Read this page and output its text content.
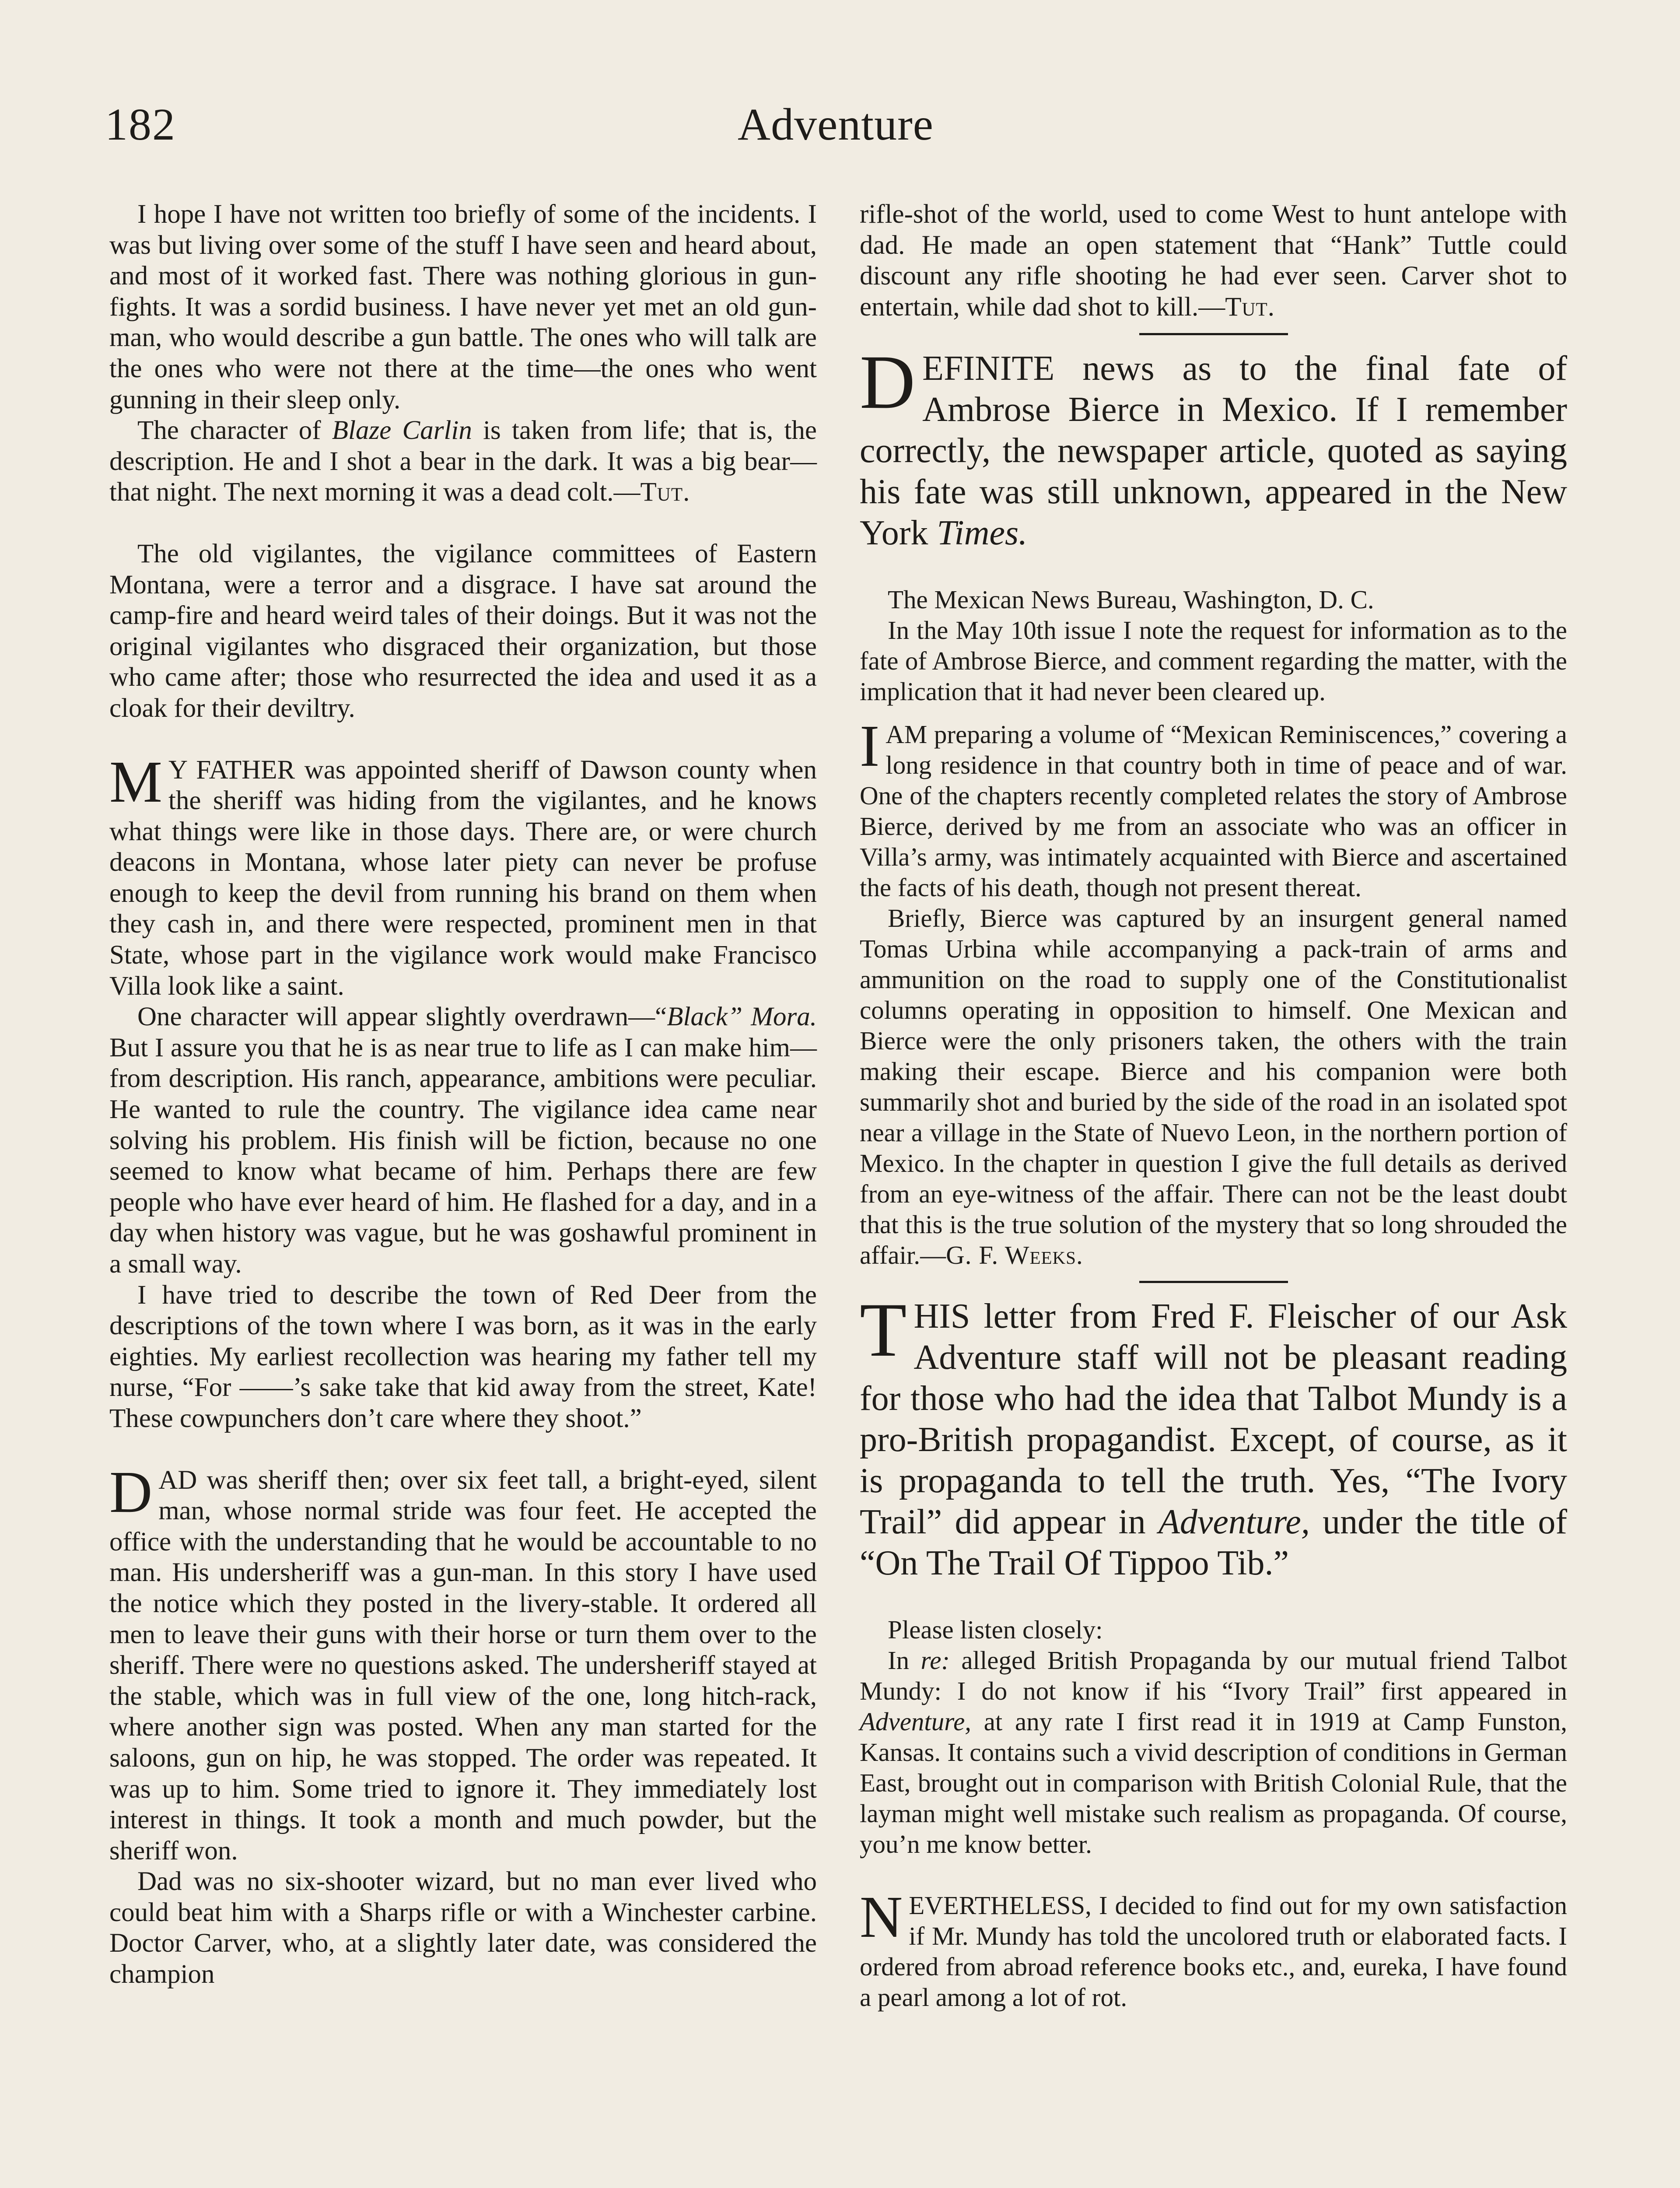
182	Adventure

I hope I have not written too briefly of some of the incidents. I was but living over some of the stuff I have seen and heard about, and most of it worked fast. There was nothing glorious in gun-fights. It was a sordid business. I have never yet met an old gun-man, who would describe a gun battle. The ones who will talk are the ones who were not there at the time—the ones who went gunning in their sleep only.

The character of Blaze Carlin is taken from life; that is, the description. He and I shot a bear in the dark. It was a big bear—that night. The next morning it was a dead colt.—Tut.

The old vigilantes, the vigilance committees of Eastern Montana, were a terror and a disgrace. I have sat around the camp-fire and heard weird tales of their doings. But it was not the original vigilantes who disgraced their organization, but those who came after; those who resurrected the idea and used it as a cloak for their deviltry.

M Y FATHER was appointed sheriff of Dawson county when the sheriff was hiding from the vigilantes, and he knows what things were like in those days. There are, or were church deacons in Montana, whose later piety can never be profuse enough to keep the devil from running his brand on them when they cash in, and there were respected, prominent men in that State, whose part in the vigilance work would make Francisco Villa look like a saint.

One character will appear slightly overdrawn—“Black” Mora. But I assure you that he is as near true to life as I can make him—from description. His ranch, appearance, ambitions were peculiar. He wanted to rule the country. The vigilance idea came near solving his problem. His finish will be fiction, because no one seemed to know what became of him. Perhaps there are few people who have ever heard of him. He flashed for a day, and in a day when history was vague, but he was goshawful prominent in a small way.

I have tried to describe the town of Red Deer from the descriptions of the town where I was born, as it was in the early eighties. My earliest recollection was hearing my father tell my nurse, “For ——’s sake take that kid away from the street, Kate! These cowpunchers don’t care where they shoot.”

DAD was sheriff then; over six feet tall, a bright-eyed, silent man, whose normal stride was four feet. He accepted the office with the understanding that he would be accountable to no man. His undersheriff was a gun-man. In this story I have used the notice which they posted in the livery-stable. It ordered all men to leave their guns with their horse or turn them over to the sheriff. There were no questions asked. The undersheriff stayed at the stable, which was in full view of the one, long hitch-rack, where another sign was posted. When any man started for the saloons, gun on hip, he was stopped. The order was repeated. It was up to him. Some tried to ignore it. They immediately lost interest in things. It took a month and much powder, but the sheriff won.

Dad was no six-shooter wizard, but no man ever lived who could beat him with a Sharps rifle or with a Winchester carbine. Doctor Carver, who, at a slightly later date, was considered the champion

rifle-shot of the world, used to come West to hunt antelope with dad. He made an open statement that “Hank” Tuttle could discount any rifle shooting he had ever seen. Carver shot to entertain, while dad shot to kill.—Tut.

DEFINITE news as to the final fate of Ambrose Bierce in Mexico. If I remember correctly, the newspaper article, quoted as saying his fate was still unknown, appeared in the New York Times.

The Mexican News Bureau, Washington, D. C.

In the May 10th issue I note the request for information as to the fate of Ambrose Bierce, and comment regarding the matter, with the implication that it had never been cleared up.

I AM preparing a volume of “Mexican Reminiscences,” covering a long residence in that country both in time of peace and of war. One of the chapters recently completed relates the story of Ambrose Bierce, derived by me from an associate who was an officer in Villa’s army, was intimately acquainted with Bierce and ascertained the facts of his death, though not present thereat.

Briefly, Bierce was captured by an insurgent general named Tomas Urbina while accompanying a pack-train of arms and ammunition on the road to supply one of the Constitutionalist columns operating in opposition to himself. One Mexican and Bierce were the only prisoners taken, the others with the train making their escape. Bierce and his companion were both summarily shot and buried by the side of the road in an isolated spot near a village in the State of Nuevo Leon, in the northern portion of Mexico. In the chapter in question I give the full details as derived from an eye-witness of the affair. There can not be the least doubt that this is the true solution of the mystery that so long shrouded the affair.—G. F. Weeks.

THIS letter from Fred F. Fleischer of our Ask Adventure staff will not be pleasant reading for those who had the idea that Talbot Mundy is a pro-British propagandist. Except, of course, as it is propaganda to tell the truth. Yes, “The Ivory Trail” did appear in Adventure, under the title of “On The Trail Of Tippoo Tib.”

Please listen closely:

In re: alleged British Propaganda by our mutual friend Talbot Mundy: I do not know if his “Ivory Trail” first appeared in Adventure, at any rate I first read it in 1919 at Camp Funston, Kansas. It contains such a vivid description of conditions in German East, brought out in comparison with British Colonial Rule, that the layman might well mistake such realism as propaganda. Of course, you’n me know better.

NEVERTHELESS, I decided to find out for my own satisfaction if Mr. Mundy has told the uncolored truth or elaborated facts. I ordered from abroad reference books etc., and, eureka, I have found a pearl among a lot of rot.
